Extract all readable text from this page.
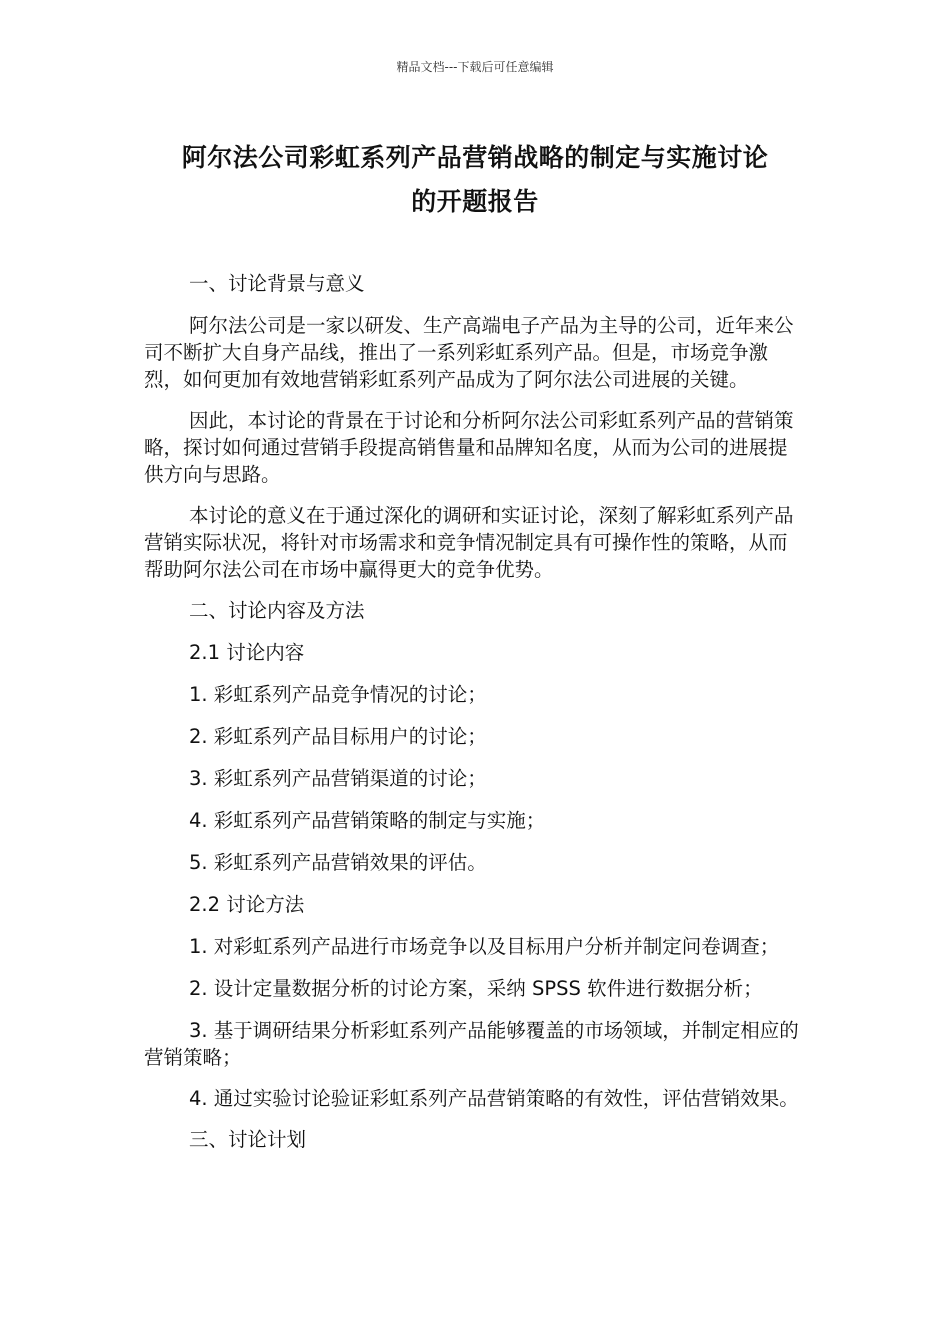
精品文档---下载后可任意编辑
阿尔法公司彩虹系列产品营销战略的制定与实施讨论
的开题报告

一、讨论背景与意义

阿尔法公司是一家以研发、生产高端电子产品为主导的公司，近年来公司不断扩大自身产品线，推出了一系列彩虹系列产品。但是，市场竞争激烈，如何更加有效地营销彩虹系列产品成为了阿尔法公司进展的关键。

因此，本讨论的背景在于讨论和分析阿尔法公司彩虹系列产品的营销策略，探讨如何通过营销手段提高销售量和品牌知名度，从而为公司的进展提供方向与思路。

本讨论的意义在于通过深化的调研和实证讨论，深刻了解彩虹系列产品营销实际状况，将针对市场需求和竞争情况制定具有可操作性的策略，从而帮助阿尔法公司在市场中赢得更大的竞争优势。

二、讨论内容及方法

2.1 讨论内容

1. 彩虹系列产品竞争情况的讨论；

2. 彩虹系列产品目标用户的讨论；

3. 彩虹系列产品营销渠道的讨论；

4. 彩虹系列产品营销策略的制定与实施；

5. 彩虹系列产品营销效果的评估。

2.2 讨论方法

1. 对彩虹系列产品进行市场竞争以及目标用户分析并制定问卷调查；

2. 设计定量数据分析的讨论方案，采纳 SPSS 软件进行数据分析；

3. 基于调研结果分析彩虹系列产品能够覆盖的市场领域，并制定相应的营销策略；

4. 通过实验讨论验证彩虹系列产品营销策略的有效性，评估营销效果。

三、讨论计划
